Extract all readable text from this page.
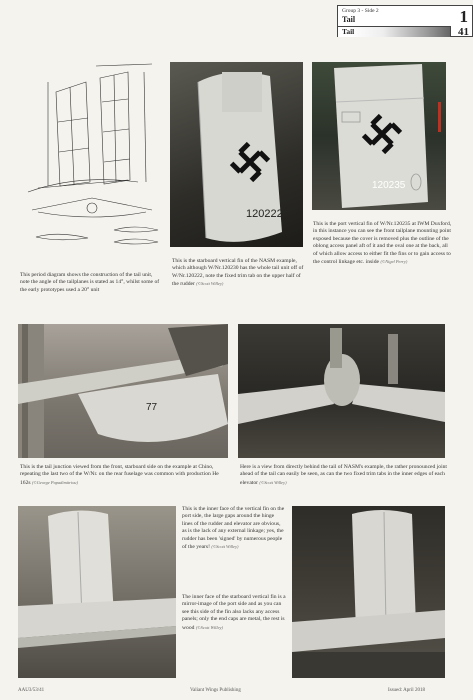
Group 3 - Side 2
Tail	1
Tail	41
This period diagram shows the construction of the tail unit, note the angle of the tailplanes is stated as 14°, whilst some of the early prototypes used a 20° unit
120222
This is the starboard vertical fin of the NASM example, which although W/Nr.120230 has the whole tail unit off of W/Nr.120222, note the fixed trim tab on the upper half of the rudder (©Scott Willey)
120235
This is the port vertical fin of W/Nr.120235 at IWM Duxford, in this instance you can see the front tailplane mounting point exposed because the cover is removed plus the outline of the oblong access panel aft of it and the oval one at the back, all of which allow access to either fit the fins or to gain access to the control linkage etc. inside (©Nigel Perry)
77
This is the tail junction viewed from the front, starboard side on the example at Chino, repeating the last two of the W/Nr. on the rear fuselage was common with production He 162s (©George Papadimitriou)
Here is a view from directly behind the tail of NASM's example, the rather pronounced joint ahead of the tail can easily be seen, as can the two fixed trim tabs in the inner edges of each elevator (©Scott Willey)
This is the inner face of the vertical fin on the port side, the large gaps around the hinge lines of the rudder and elevator are obvious, as is the lack of any external linkage; yes, the rudder has been 'signed' by numerous people of the years! (©Scott Willey)
The inner face of the starboard vertical fin is a mirror-image of the port side and as you can see this side of the fin also lacks any access panels; only the end caps are metal, the rest is wood (©Scott Willey)
AAU3/53/41	Valiant Wings Publishing	Issued: April 2018
